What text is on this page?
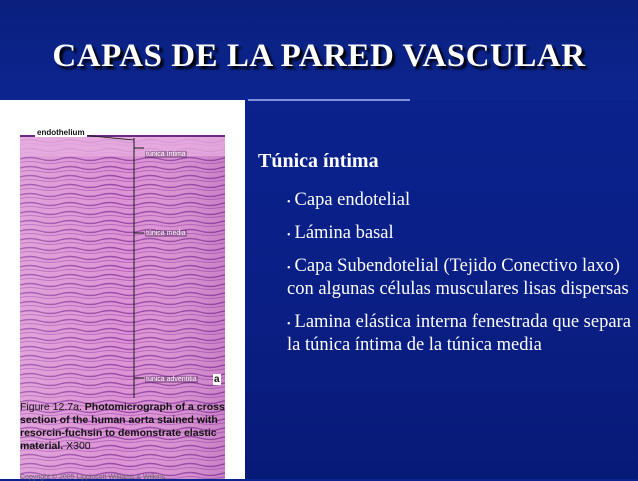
CAPAS DE LA PARED VASCULAR
endothelium
túnica íntima
túnica media
túnica adventitia a
Figure 12.7a. Photomicrograph of a cross section of the human aorta stained with resorcin-fuchsin to demonstrate elastic material. X300
Copyright © 2005 Lippincott Williams & Wilkins
Túnica íntima
• Capa endotelial
• Lámina basal
• Capa Subendotelial (Tejido Conectivo laxo) con algunas células musculares lisas dispersas
• Lamina elástica interna fenestrada que separa la túnica íntima de la túnica media
